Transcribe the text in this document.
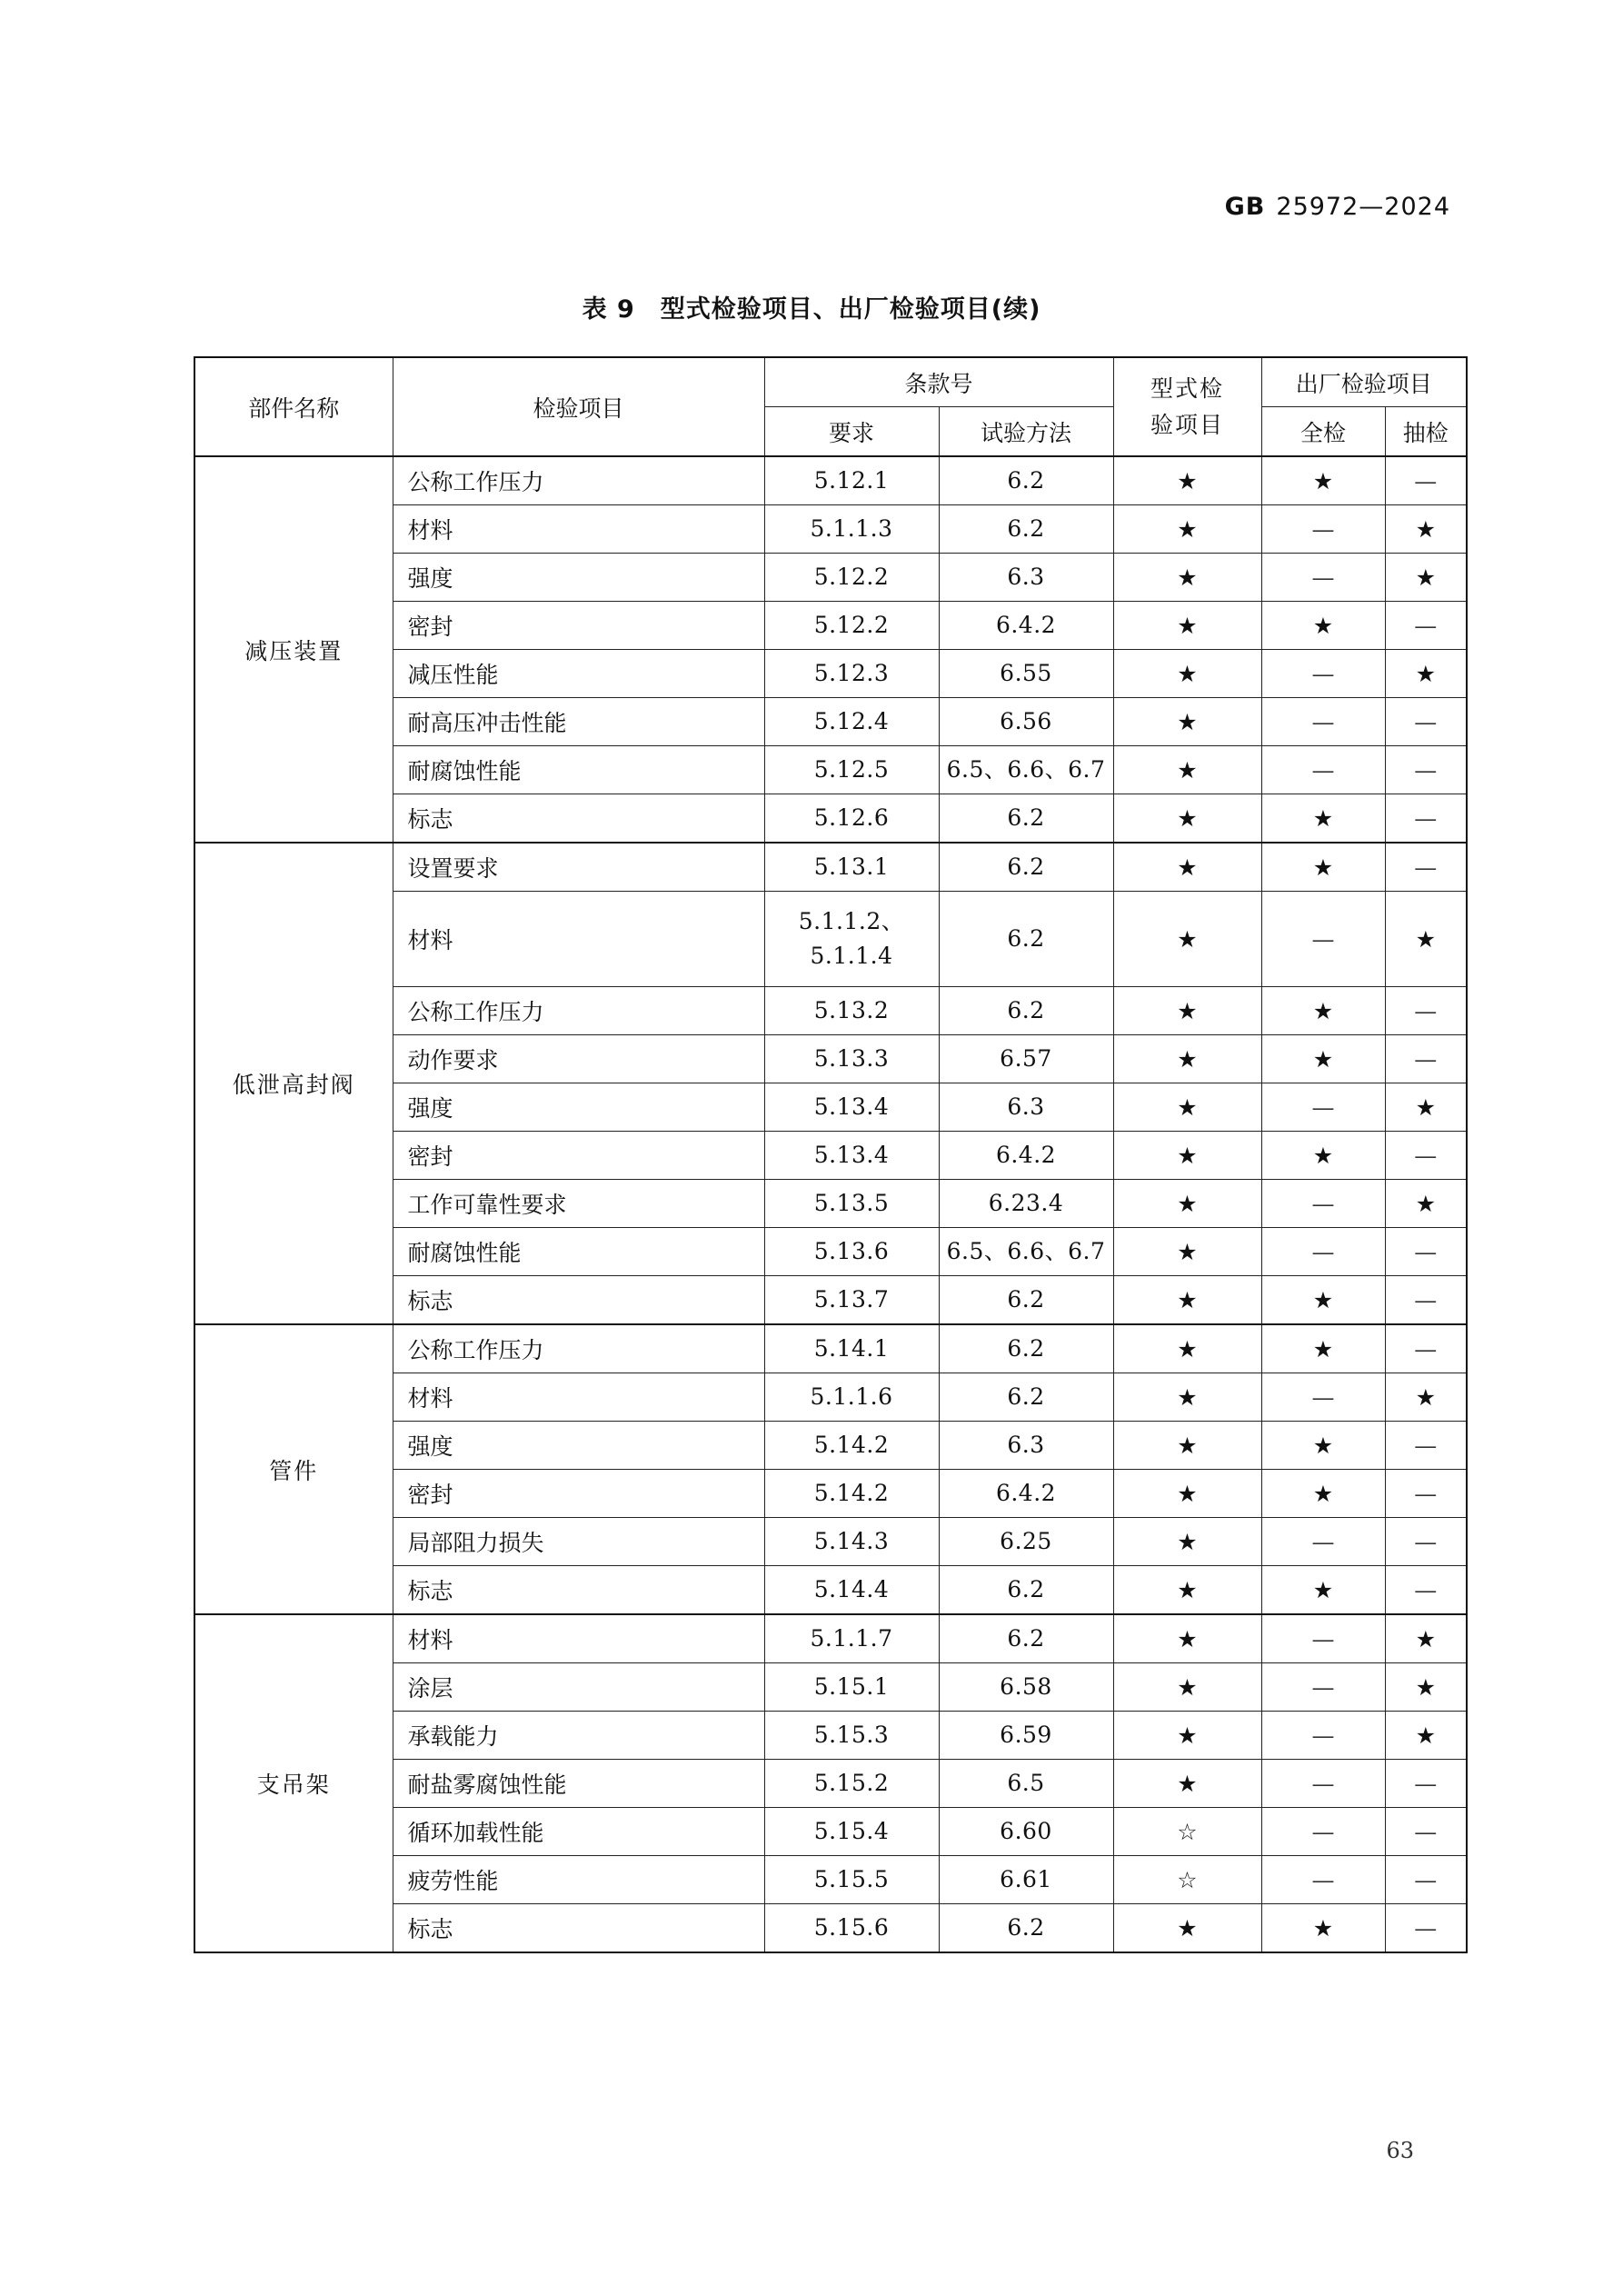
GB 25972—2024
表 9 型式检验项目、出厂检验项目(续)
部件名称	检验项目	条款号		型式检验项目	出厂检验项目	
		要求	试验方法		全检	抽检
减压装置	公称工作压力	5.12.1	6.2	★	★	—
	材料	5.1.1.3	6.2	★	—	★
	强度	5.12.2	6.3	★	—	★
	密封	5.12.2	6.4.2	★	★	—
	减压性能	5.12.3	6.55	★	—	★
	耐高压冲击性能	5.12.4	6.56	★	—	—
	耐腐蚀性能	5.12.5	6.5、6.6、6.7	★	—	—
	标志	5.12.6	6.2	★	★	—
低泄高封阀	设置要求	5.13.1	6.2	★	★	—
	材料	5.1.1.2、
5.1.1.4	6.2	★	—	★
	公称工作压力	5.13.2	6.2	★	★	—
	动作要求	5.13.3	6.57	★	★	—
	强度	5.13.4	6.3	★	—	★
	密封	5.13.4	6.4.2	★	★	—
	工作可靠性要求	5.13.5	6.23.4	★	—	★
	耐腐蚀性能	5.13.6	6.5、6.6、6.7	★	—	—
	标志	5.13.7	6.2	★	★	—
管件	公称工作压力	5.14.1	6.2	★	★	—
	材料	5.1.1.6	6.2	★	—	★
	强度	5.14.2	6.3	★	★	—
	密封	5.14.2	6.4.2	★	★	—
	局部阻力损失	5.14.3	6.25	★	—	—
	标志	5.14.4	6.2	★	★	—
支吊架	材料	5.1.1.7	6.2	★	—	★
	涂层	5.15.1	6.58	★	—	★
	承载能力	5.15.3	6.59	★	—	★
	耐盐雾腐蚀性能	5.15.2	6.5	★	—	—
	循环加载性能	5.15.4	6.60	☆	—	—
	疲劳性能	5.15.5	6.61	☆	—	—
	标志	5.15.6	6.2	★	★	—
63
